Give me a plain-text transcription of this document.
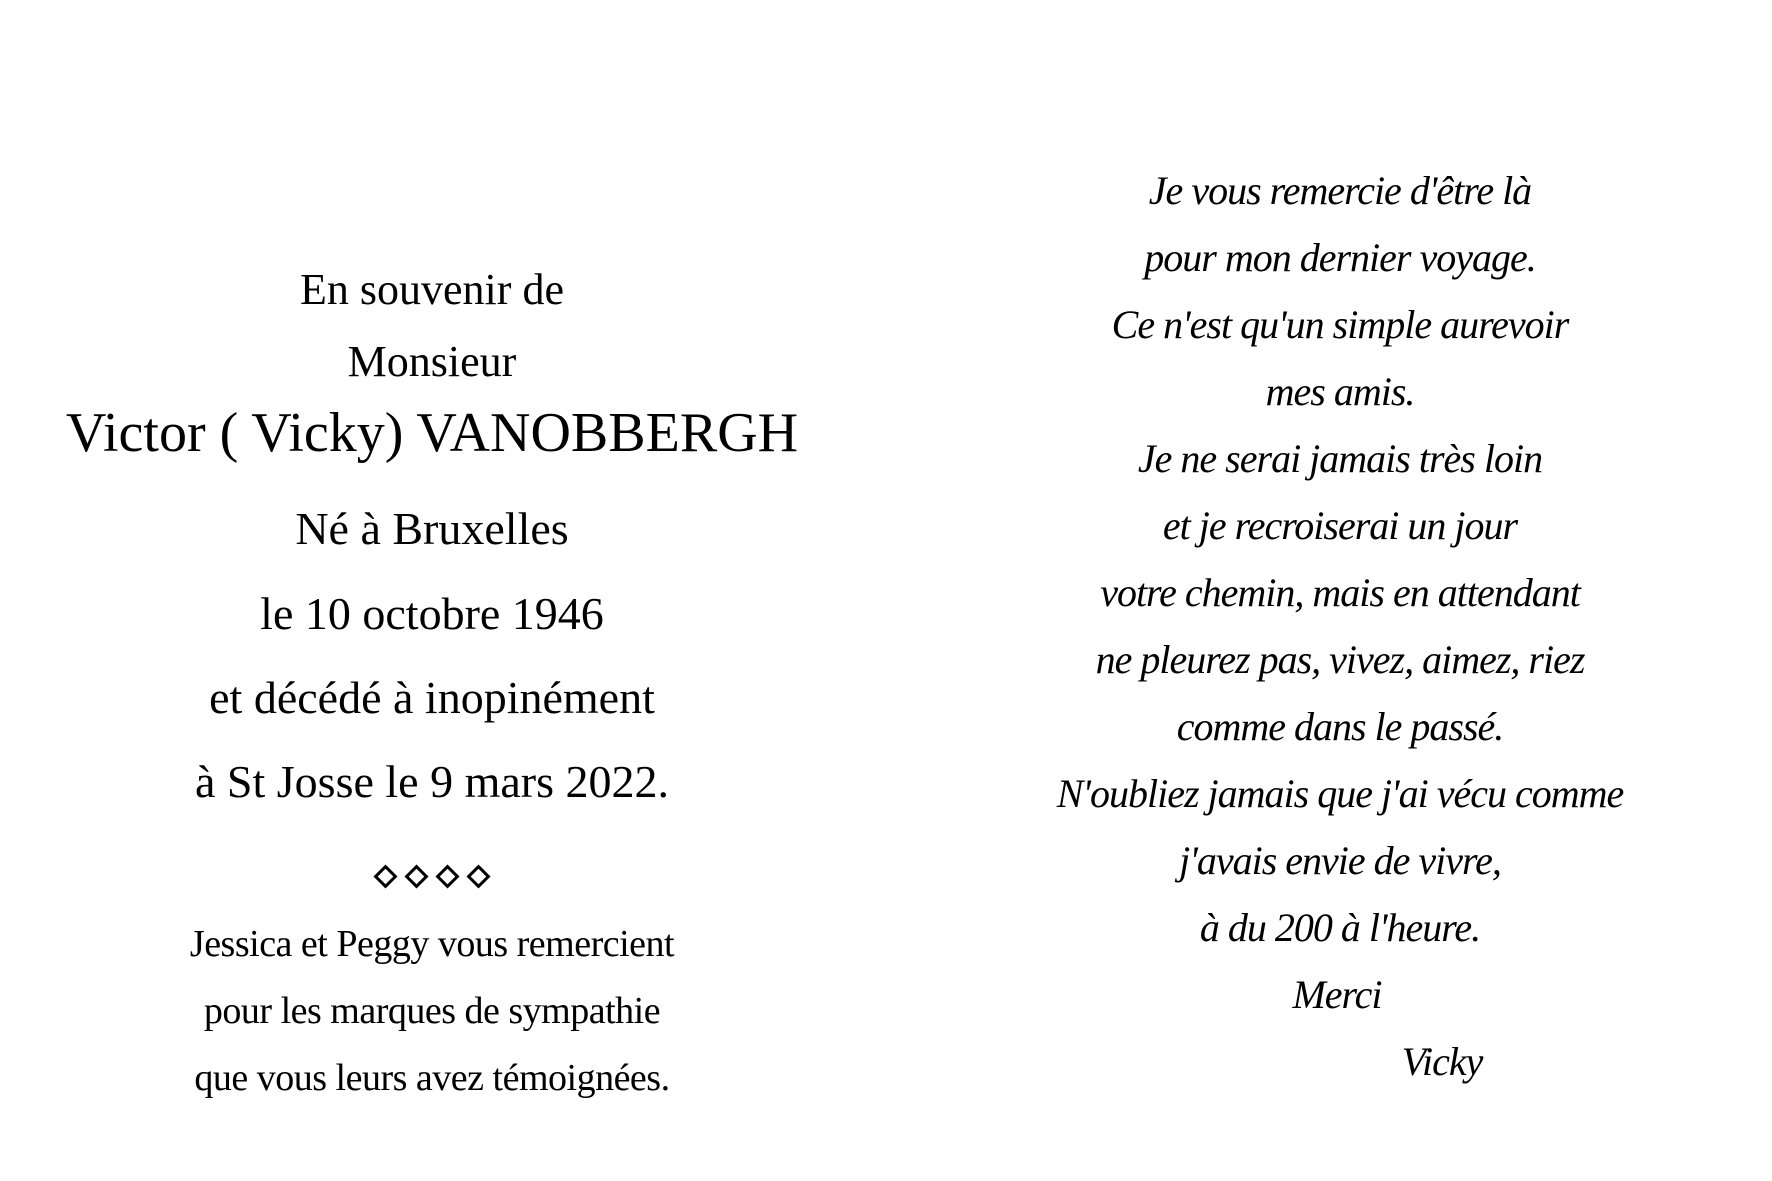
En souvenir de
Monsieur
Victor ( Vicky) VANOBBERGH
Né à Bruxelles
le 10 octobre 1946
et décédé à inopinément
à St Josse le 9 mars 2022.
Jessica et Peggy vous remercient
pour les marques de sympathie
que vous leurs avez témoignées.
Je vous remercie d'être là
pour mon dernier voyage.
Ce n'est qu'un simple aurevoir
mes amis.
Je ne serai jamais très loin
et je recroiserai un jour
votre chemin, mais en attendant
ne pleurez pas, vivez, aimez, riez
comme dans le passé.
N'oubliez jamais que j'ai vécu comme
j'avais envie de vivre,
à du 200 à l'heure.
Merci
Vicky
